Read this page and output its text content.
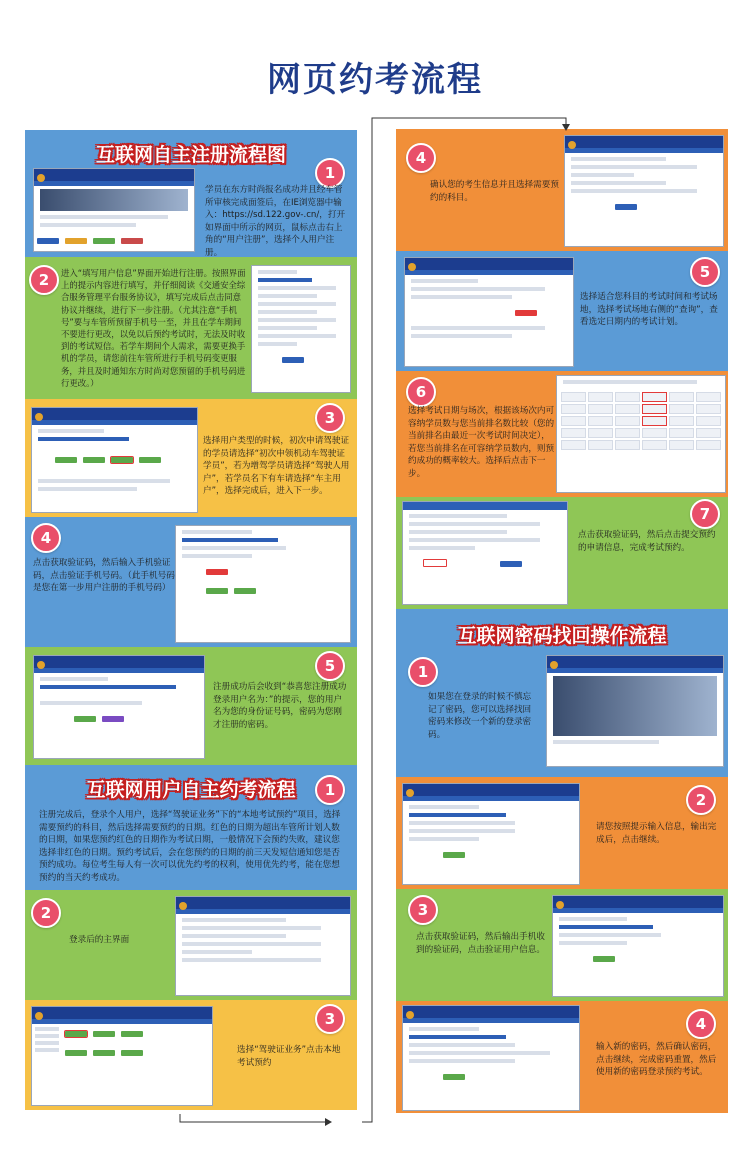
网页约考流程
互联网自主注册流程图
1
学员在东方时尚报名成功并且经车管所审核完成面签后，在IE浏览器中输入：https://sd.122.gov-.cn/，打开如界面中所示的网页，鼠标点击右上角的“用户注册”，选择个人用户注册。
2	进入“填写用户信息”界面开始进行注册。按照界面上的提示内容进行填写，并仔细阅读《交通安全综合服务管理平台服务协议》，填写完成后点击同意协议并继续，进行下一步注册。（尤其注意“手机号”要与车管所预留手机号一至，并且在学车期间不要进行更改，以免以后预约考试时，无法及时收到的考试短信。若学车期间个人需求，需要更换手机的学员，请您前往车管所进行手机号码变更服务，并且及时通知东方时尚对您预留的手机号码进行更改。）
3
选择用户类型的时候，初次申请驾驶证的学员请选择“初次申领机动车驾驶证学员”，若为增驾学员请选择“驾驶人用户”，若学员名下有车请选择“车主用户”，选择完成后，进入下一步。
4
点击获取验证码，然后输入手机验证码，点击验证手机号码。（此手机号码是您在第一步用户注册的手机号码）

5
注册成功后会收到“恭喜您注册成功登录用户名为：”的提示，您的用户名为您的身份证号码，密码为您刚才注册的密码。
互联网用户自主约考流程	1
注册完成后，登录个人用户，选择“驾驶证业务”下的“本地考试预约”项目，选择需要预约的科目，然后选择需要预约的日期。红色的日期为超出车管所计划人数的日期，如果您预约红色的日期作为考试日期，一般情况下会预约失败，建议您选择非红色的日期。预约考试后，会在您预约的日期的前三天发短信通知您是否预约成功。每位考生每人有一次可以优先约考的权利，使用优先约考，能在您想预约的当天约考成功。
2
登录后的主界面
3

选择“驾驶证业务”点击本地考试预约
4
确认您的考生信息并且选择需要预约的科目。
5
选择适合您科目的考试时间和考试场地，选择考试场地右侧的“查询”，查看选定日期内的考试计划。
6
选择考试日期与场次，根据该场次内可容纳学员数与您当前排名数比较（您的当前排名由最近一次考试时间决定），若您当前排名在可容纳学员数内，则预约成功的概率较大。选择后点击下一步。
7
点击获取验证码，然后点击提交预约的申请信息，完成考试预约。
互联网密码找回操作流程
1
如果您在登录的时候不慎忘记了密码，您可以选择找回密码来修改一个新的登录密码。
2
请您按照提示输入信息，输出完成后，点击继续。
3
点击获取验证码，然后输出手机收到的验证码，点击验证用户信息。
4
输入新的密码，然后确认密码，点击继续，完成密码重置，然后使用新的密码登录预约考试。
